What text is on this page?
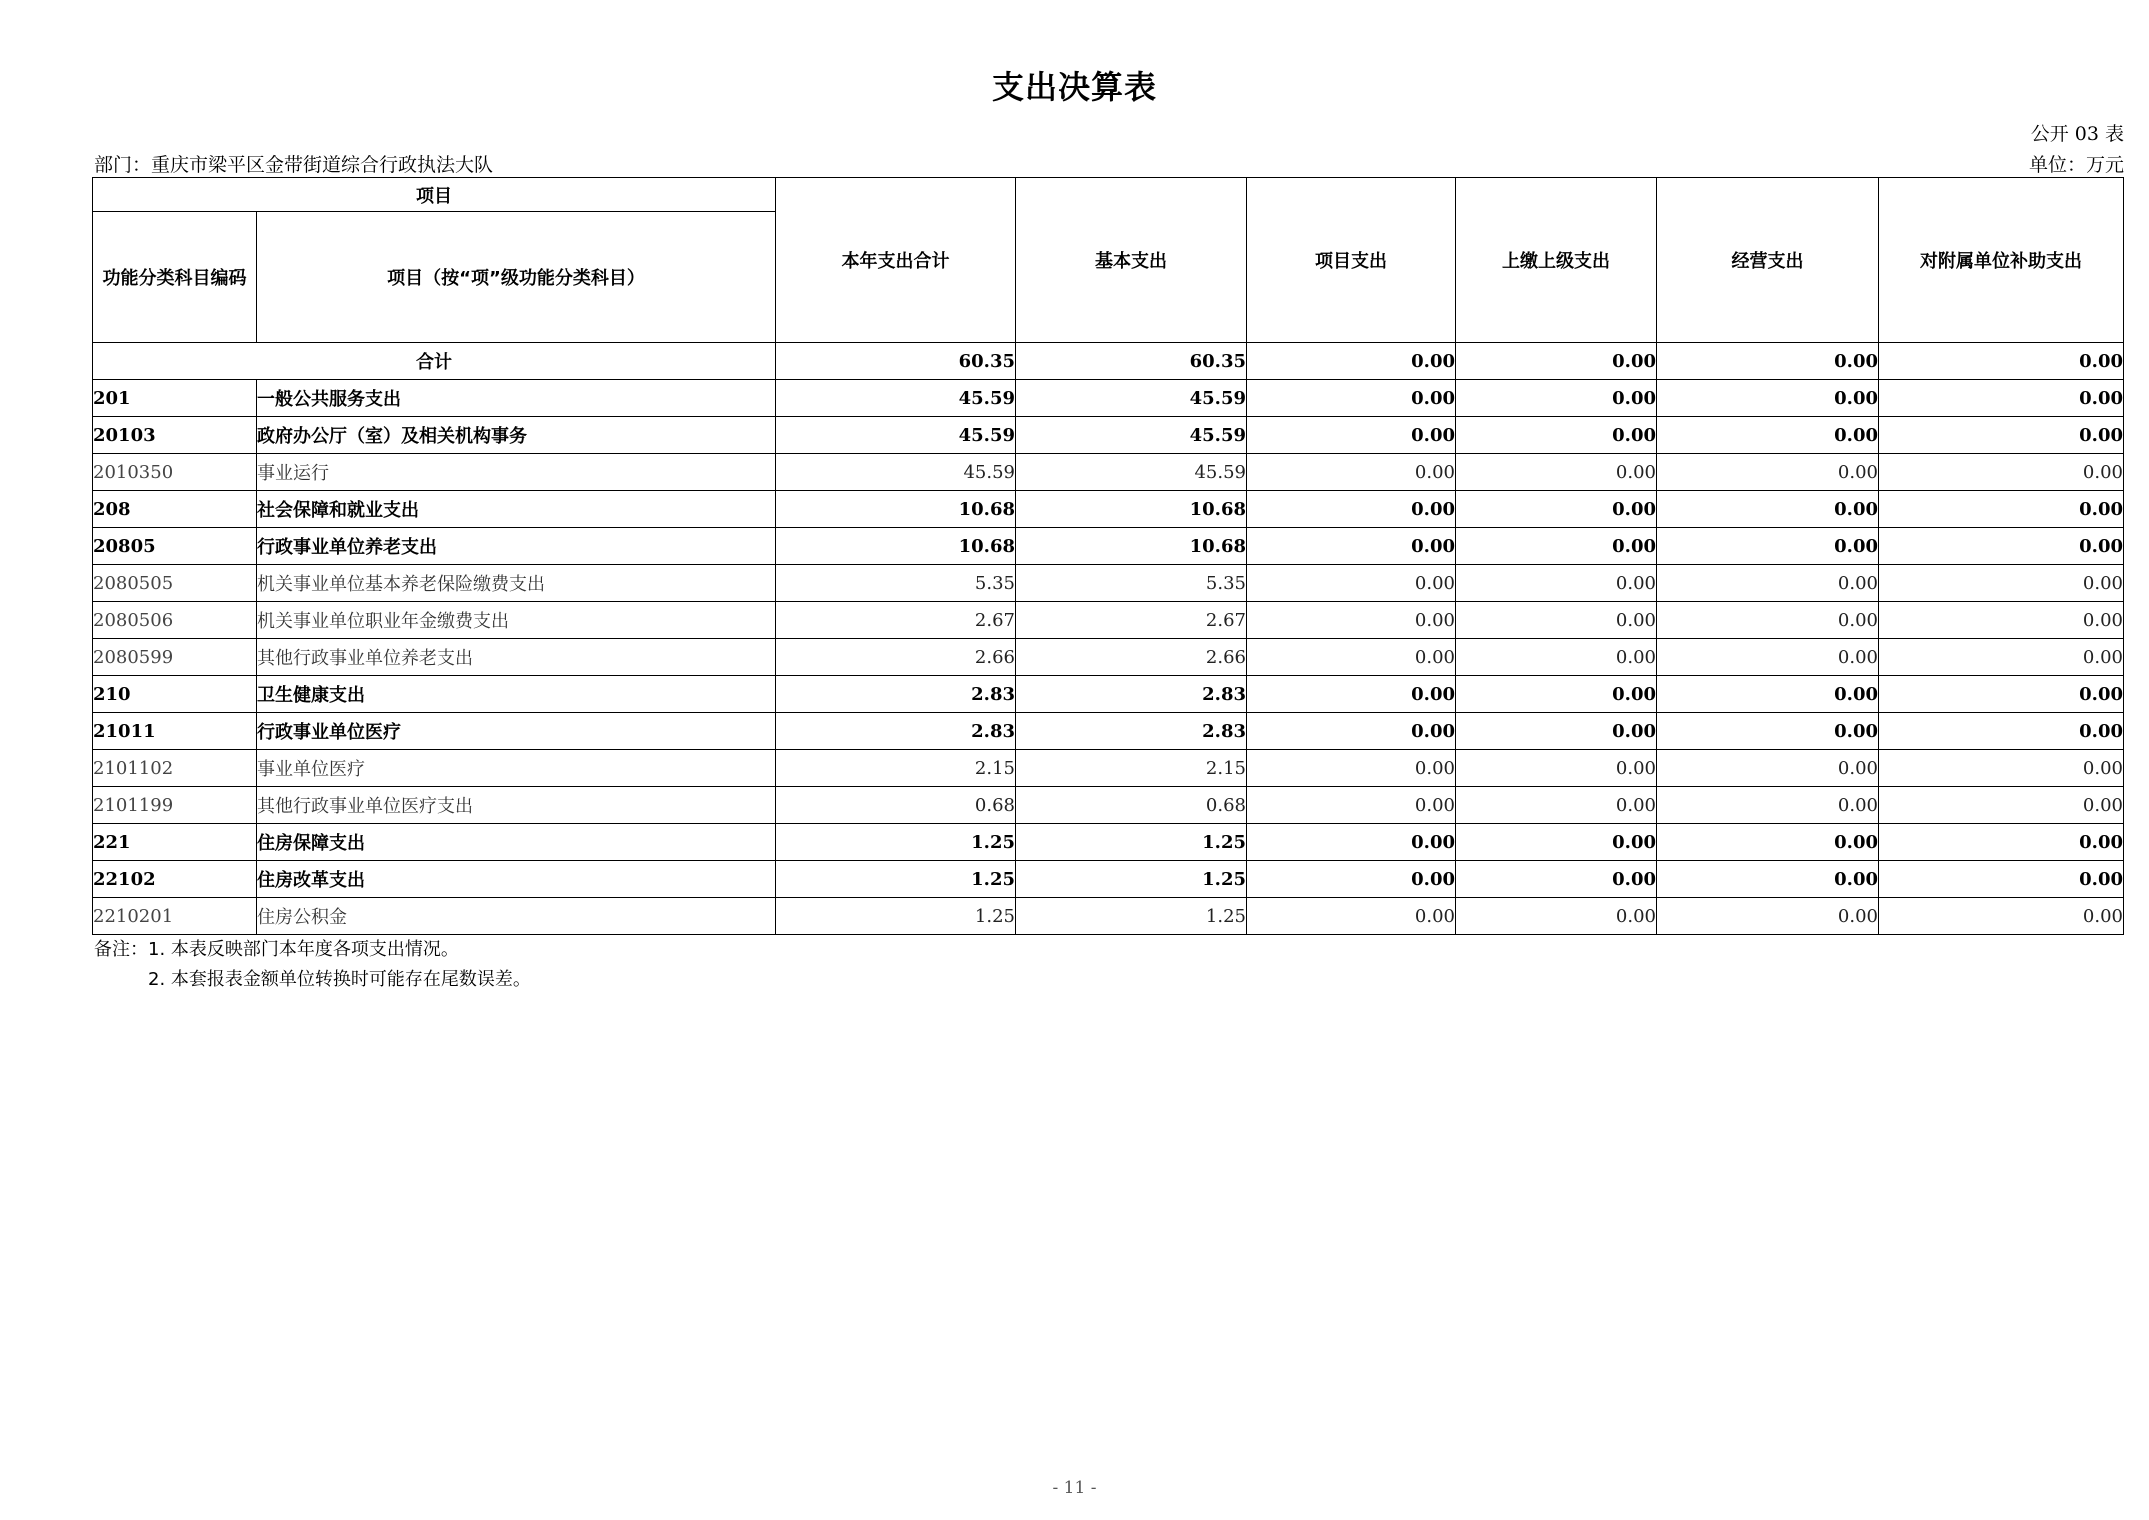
支出决算表
公开 03 表
部门：重庆市梁平区金带街道综合行政执法大队	单位：万元
项目		本年支出合计	基本支出	项目支出	上缴上级支出	经营支出	对附属单位补助支出
功能分类科目编码	项目（按“项”级功能分类科目）						
合计		60.35	60.35	0.00	0.00	0.00	0.00
201	一般公共服务支出	45.59	45.59	0.00	0.00	0.00	0.00
20103	政府办公厅（室）及相关机构事务	45.59	45.59	0.00	0.00	0.00	0.00
2010350	事业运行	45.59	45.59	0.00	0.00	0.00	0.00
208	社会保障和就业支出	10.68	10.68	0.00	0.00	0.00	0.00
20805	行政事业单位养老支出	10.68	10.68	0.00	0.00	0.00	0.00
2080505	机关事业单位基本养老保险缴费支出	5.35	5.35	0.00	0.00	0.00	0.00
2080506	机关事业单位职业年金缴费支出	2.67	2.67	0.00	0.00	0.00	0.00
2080599	其他行政事业单位养老支出	2.66	2.66	0.00	0.00	0.00	0.00
210	卫生健康支出	2.83	2.83	0.00	0.00	0.00	0.00
21011	行政事业单位医疗	2.83	2.83	0.00	0.00	0.00	0.00
2101102	事业单位医疗	2.15	2.15	0.00	0.00	0.00	0.00
2101199	其他行政事业单位医疗支出	0.68	0.68	0.00	0.00	0.00	0.00
221	住房保障支出	1.25	1.25	0.00	0.00	0.00	0.00
22102	住房改革支出	1.25	1.25	0.00	0.00	0.00	0.00
2210201	住房公积金	1.25	1.25	0.00	0.00	0.00	0.00
备注：1. 本表反映部门本年度各项支出情况。
2. 本套报表金额单位转换时可能存在尾数误差。
- 11 -
